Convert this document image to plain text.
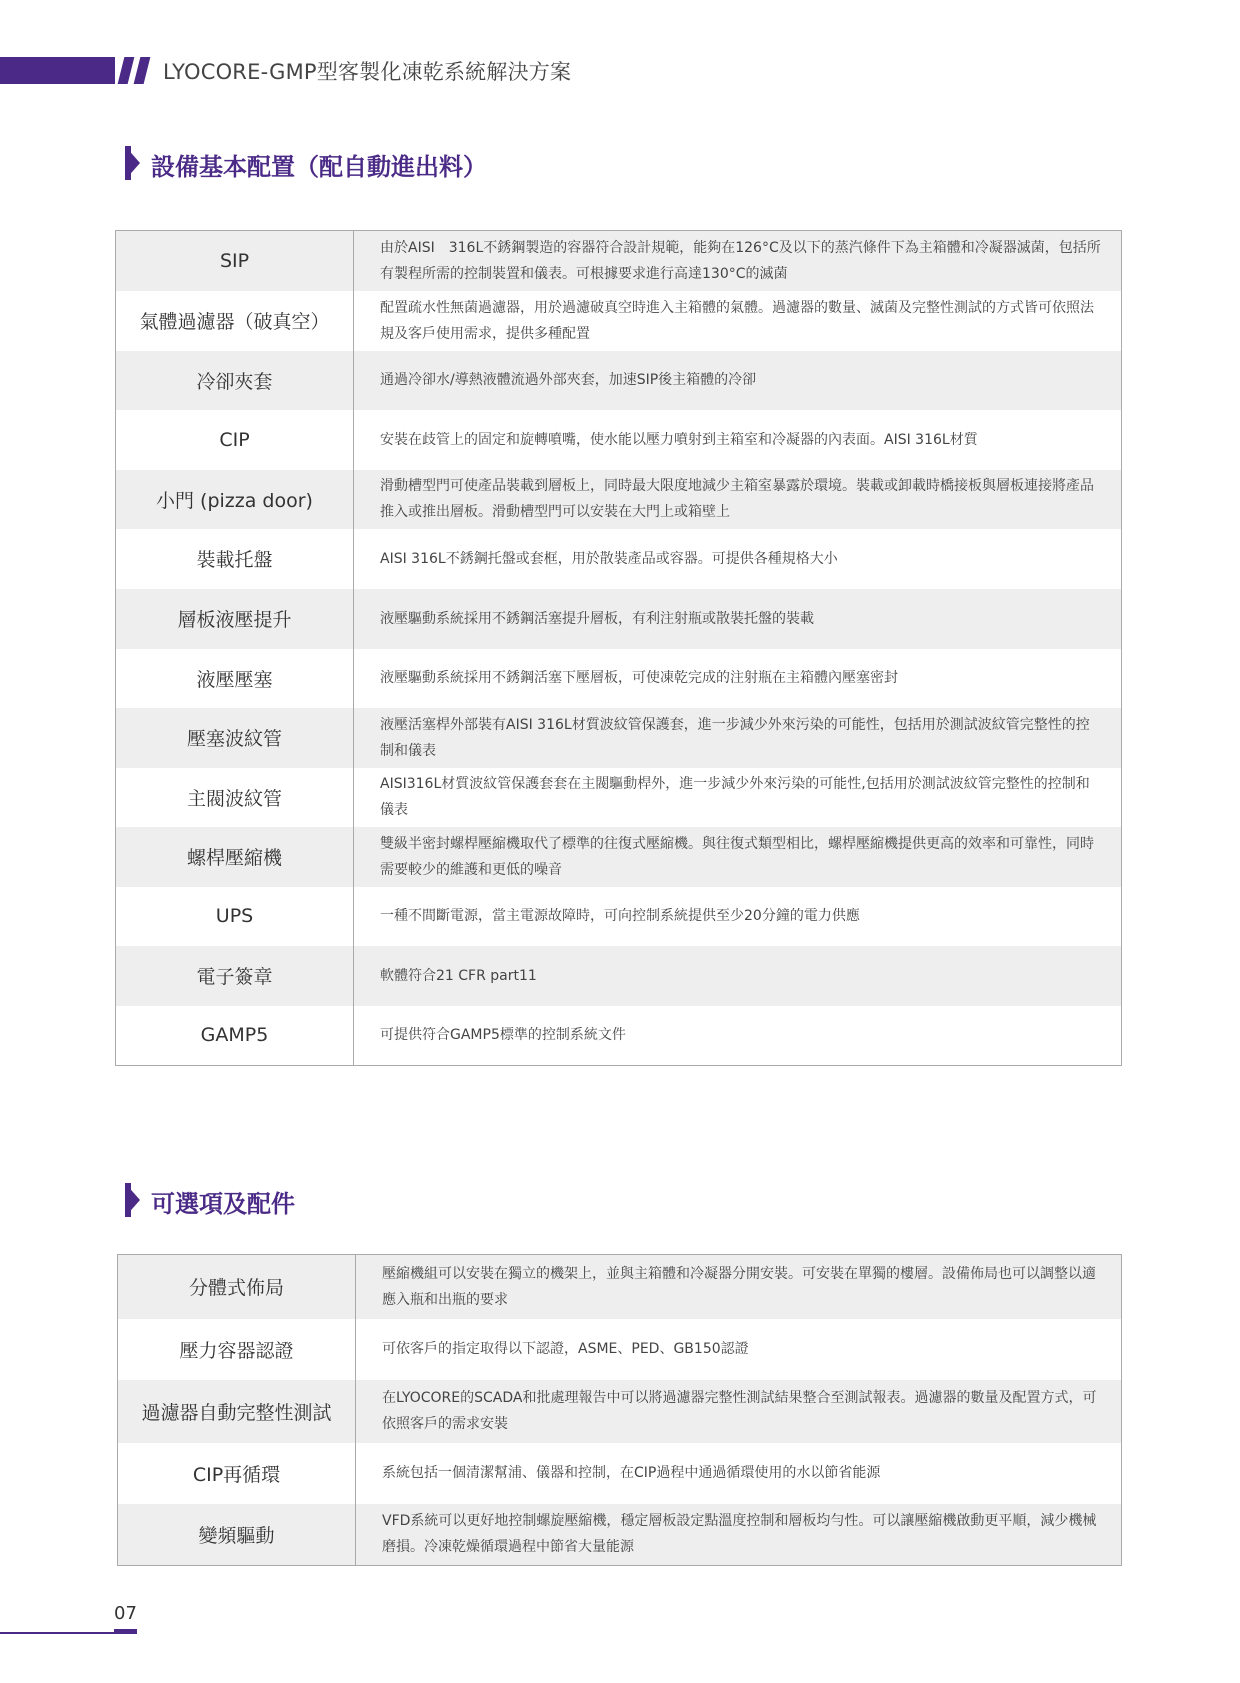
LYOCORE-GMP型客製化凍乾系統解決方案
設備基本配置（配自動進出料）
SIP	由於AISI　316L不銹鋼製造的容器符合設計規範，能夠在126°C及以下的蒸汽條件下為主箱體和冷凝器滅菌，包括所有製程所需的控制裝置和儀表。可根據要求進行高達130°C的滅菌
氣體過濾器（破真空）	配置疏水性無菌過濾器，用於過濾破真空時進入主箱體的氣體。過濾器的數量、滅菌及完整性測試的方式皆可依照法規及客戶使用需求，提供多種配置
冷卻夾套	通過冷卻水/導熱液體流過外部夾套，加速SIP後主箱體的冷卻
CIP	安裝在歧管上的固定和旋轉噴嘴，使水能以壓力噴射到主箱室和冷凝器的內表面。AISI 316L材質
小門 (pizza door)	滑動槽型門可使產品裝載到層板上，同時最大限度地減少主箱室暴露於環境。裝載或卸載時橋接板與層板連接將產品推入或推出層板。滑動槽型門可以安裝在大門上或箱壁上
裝載托盤	AISI 316L不銹鋼托盤或套框，用於散裝產品或容器。可提供各種規格大小
層板液壓提升	液壓驅動系統採用不銹鋼活塞提升層板，有利注射瓶或散裝托盤的裝載
液壓壓塞	液壓驅動系統採用不銹鋼活塞下壓層板，可使凍乾完成的注射瓶在主箱體內壓塞密封
壓塞波紋管	液壓活塞桿外部裝有AISI 316L材質波紋管保護套，進一步減少外來污染的可能性，包括用於測試波紋管完整性的控制和儀表
主閥波紋管	AISI316L材質波紋管保護套套在主閥驅動桿外，進一步減少外來污染的可能性,包括用於測試波紋管完整性的控制和儀表
螺桿壓縮機	雙級半密封螺桿壓縮機取代了標準的往復式壓縮機。與往復式類型相比，螺桿壓縮機提供更高的效率和可靠性，同時需要較少的維護和更低的噪音
UPS	一種不間斷電源，當主電源故障時，可向控制系統提供至少20分鐘的電力供應
電子簽章	軟體符合21 CFR part11
GAMP5	可提供符合GAMP5標準的控制系統文件
可選項及配件
分體式佈局	壓縮機組可以安裝在獨立的機架上，並與主箱體和冷凝器分開安裝。可安裝在單獨的樓層。設備佈局也可以調整以適應入瓶和出瓶的要求
壓力容器認證	可依客戶的指定取得以下認證，ASME、PED、GB150認證
過濾器自動完整性測試	在LYOCORE的SCADA和批處理報告中可以將過濾器完整性測試結果整合至測試報表。過濾器的數量及配置方式，可依照客戶的需求安裝
CIP再循環	系統包括一個清潔幫浦、儀器和控制，在CIP過程中通過循環使用的水以節省能源
變頻驅動	VFD系統可以更好地控制螺旋壓縮機，穩定層板設定點溫度控制和層板均勻性。可以讓壓縮機啟動更平順，減少機械磨損。冷凍乾燥循環過程中節省大量能源
07
